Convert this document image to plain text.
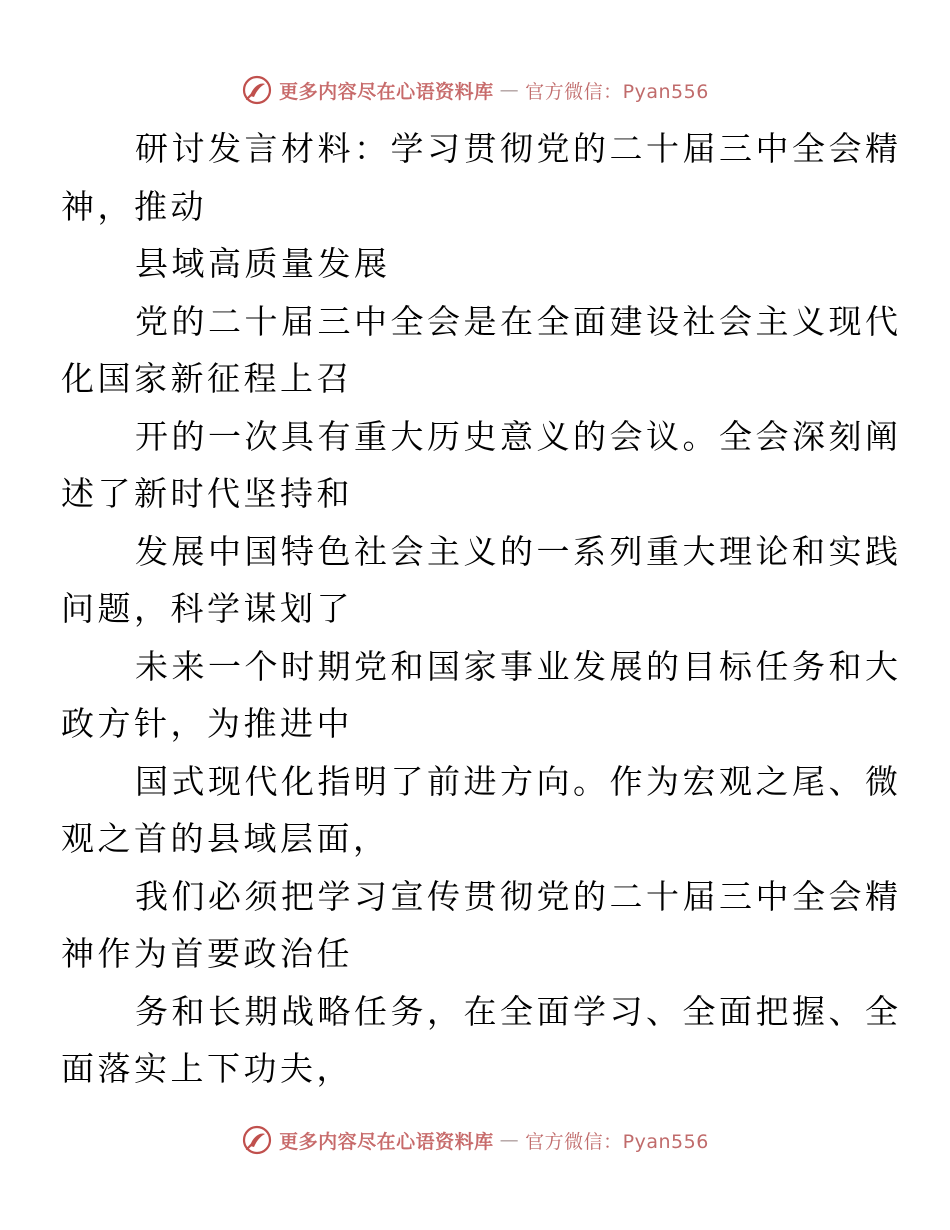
更多内容尽在心语资料库 — 官方微信：Pyan556

研讨发言材料：学习贯彻党的二十届三中全会精
神，推动

县域高质量发展

党的二十届三中全会是在全面建设社会主义现代
化国家新征程上召

开的一次具有重大历史意义的会议。全会深刻阐
述了新时代坚持和

发展中国特色社会主义的一系列重大理论和实践
问题，科学谋划了

未来一个时期党和国家事业发展的目标任务和大
政方针，为推进中

国式现代化指明了前进方向。作为宏观之尾、微
观之首的县域层面，

我们必须把学习宣传贯彻党的二十届三中全会精
神作为首要政治任

务和长期战略任务，在全面学习、全面把握、全
面落实上下功夫，

更多内容尽在心语资料库 — 官方微信：Pyan556
